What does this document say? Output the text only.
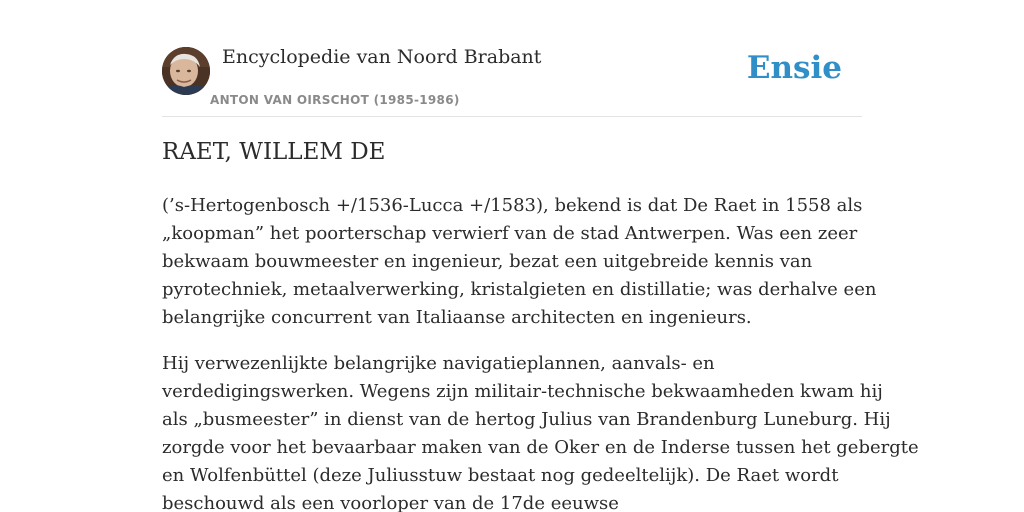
Encyclopedie van Noord Brabant
ANTON VAN OIRSCHOT (1985-1986)
Ensie
RAET, WILLEM DE

(’s-Hertogenbosch +/1536-Lucca +/1583), bekend is dat De Raet in 1558 als
„koopman” het poorterschap verwierf van de stad Antwerpen. Was een zeer
bekwaam bouwmeester en ingenieur, bezat een uitgebreide kennis van
pyrotechniek, metaalverwerking, kristalgieten en distillatie; was derhalve een
belangrijke concurrent van Italiaanse architecten en ingenieurs.

Hij verwezenlijkte belangrijke navigatieplannen, aanvals- en
verdedigingswerken. Wegens zijn militair-technische bekwaamheden kwam hij
als „busmeester” in dienst van de hertog Julius van Brandenburg Luneburg. Hij
zorgde voor het bevaarbaar maken van de Oker en de Inderse tussen het gebergte
en Wolfenbüttel (deze Juliusstuw bestaat nog gedeeltelijk). De Raet wordt
beschouwd als een voorloper van de 17de eeuwse
